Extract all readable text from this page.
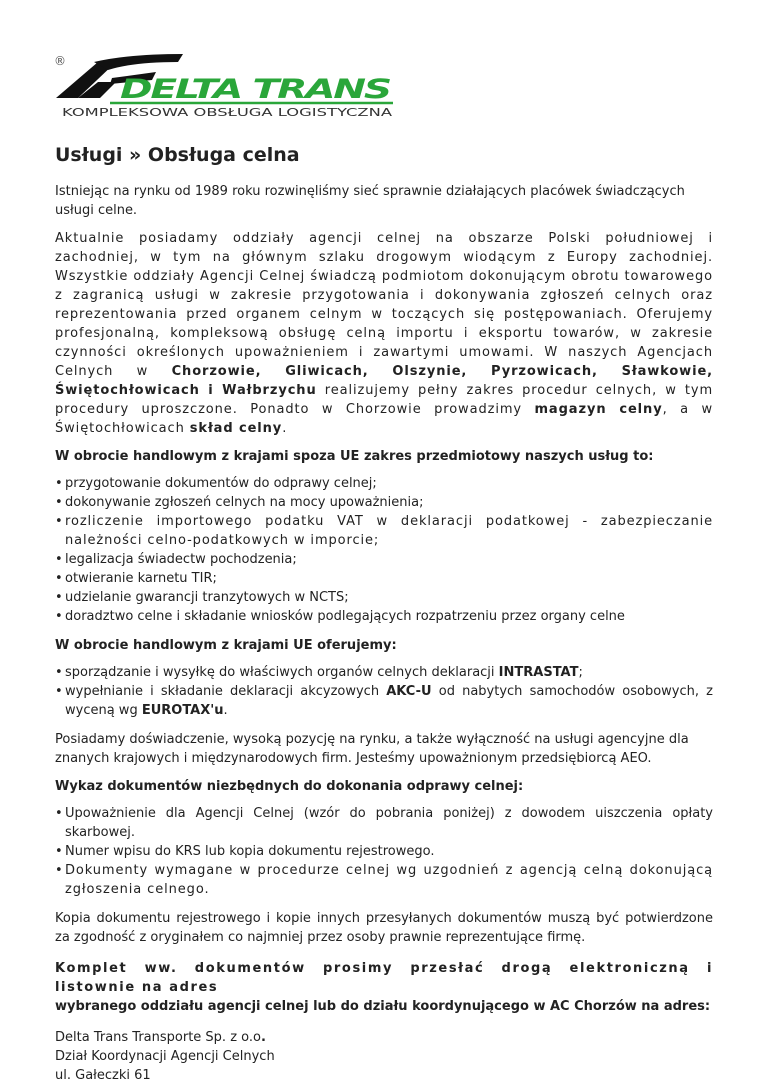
®
DELTA TRANS
KOMPLEKSOWA OBSŁUGA LOGISTYCZNA
Usługi » Obsługa celna

Istniejąc na rynku od 1989 roku rozwinęliśmy sieć sprawnie działających placówek świadczących usługi celne.

Aktualnie posiadamy oddziały agencji celnej na obszarze Polski południowej i zachodniej, w tym na głównym szlaku drogowym wiodącym z Europy zachodniej. Wszystkie oddziały Agencji Celnej świadczą podmiotom dokonującym obrotu towarowego z zagranicą usługi w zakresie przygotowania i dokonywania zgłoszeń celnych oraz reprezentowania przed organem celnym w toczących się postępowaniach. Oferujemy profesjonalną, kompleksową obsługę celną importu i eksportu towarów, w zakresie czynności określonych upoważnieniem i zawartymi umowami. W naszych Agencjach Celnych w Chorzowie, Gliwicach, Olszynie, Pyrzowicach, Sławkowie, Świętochłowicach i Wałbrzychu realizujemy pełny zakres procedur celnych, w tym procedury uproszczone. Ponadto w Chorzowie prowadzimy magazyn celny, a w Świętochłowicach skład celny.

W obrocie handlowym z krajami spoza UE zakres przedmiotowy naszych usług to:

• przygotowanie dokumentów do odprawy celnej;
• dokonywanie zgłoszeń celnych na mocy upoważnienia;
• rozliczenie importowego podatku VAT w deklaracji podatkowej - zabezpieczanie należności celno-podatkowych w imporcie;
• legalizacja świadectw pochodzenia;
• otwieranie karnetu TIR;
• udzielanie gwarancji tranzytowych w NCTS;
• doradztwo celne i składanie wniosków podlegających rozpatrzeniu przez organy celne

W obrocie handlowym z krajami UE oferujemy:

• sporządzanie i wysyłkę do właściwych organów celnych deklaracji INTRASTAT;
• wypełnianie i składanie deklaracji akcyzowych AKC-U od nabytych samochodów osobowych, z wyceną wg EUROTAX'u.

Posiadamy doświadczenie, wysoką pozycję na rynku, a także wyłączność na usługi agencyjne dla znanych krajowych i międzynarodowych firm. Jesteśmy upoważnionym przedsiębiorcą AEO.

Wykaz dokumentów niezbędnych do dokonania odprawy celnej:

• Upoważnienie dla Agencji Celnej (wzór do pobrania poniżej) z dowodem uiszczenia opłaty skarbowej.
• Numer wpisu do KRS lub kopia dokumentu rejestrowego.
• Dokumenty wymagane w procedurze celnej wg uzgodnień z agencją celną dokonującą zgłoszenia celnego.

Kopia dokumentu rejestrowego i kopie innych przesyłanych dokumentów muszą być potwierdzone za zgodność z oryginałem co najmniej przez osoby prawnie reprezentujące firmę.

Komplet ww. dokumentów prosimy przesłać drogą elektroniczną i listownie na adres
wybranego oddziału agencji celnej lub do działu koordynującego w AC Chorzów na adres:

Delta Trans Transporte Sp. z o.o.
Dział Koordynacji Agencji Celnych
ul. Gałeczki 61
